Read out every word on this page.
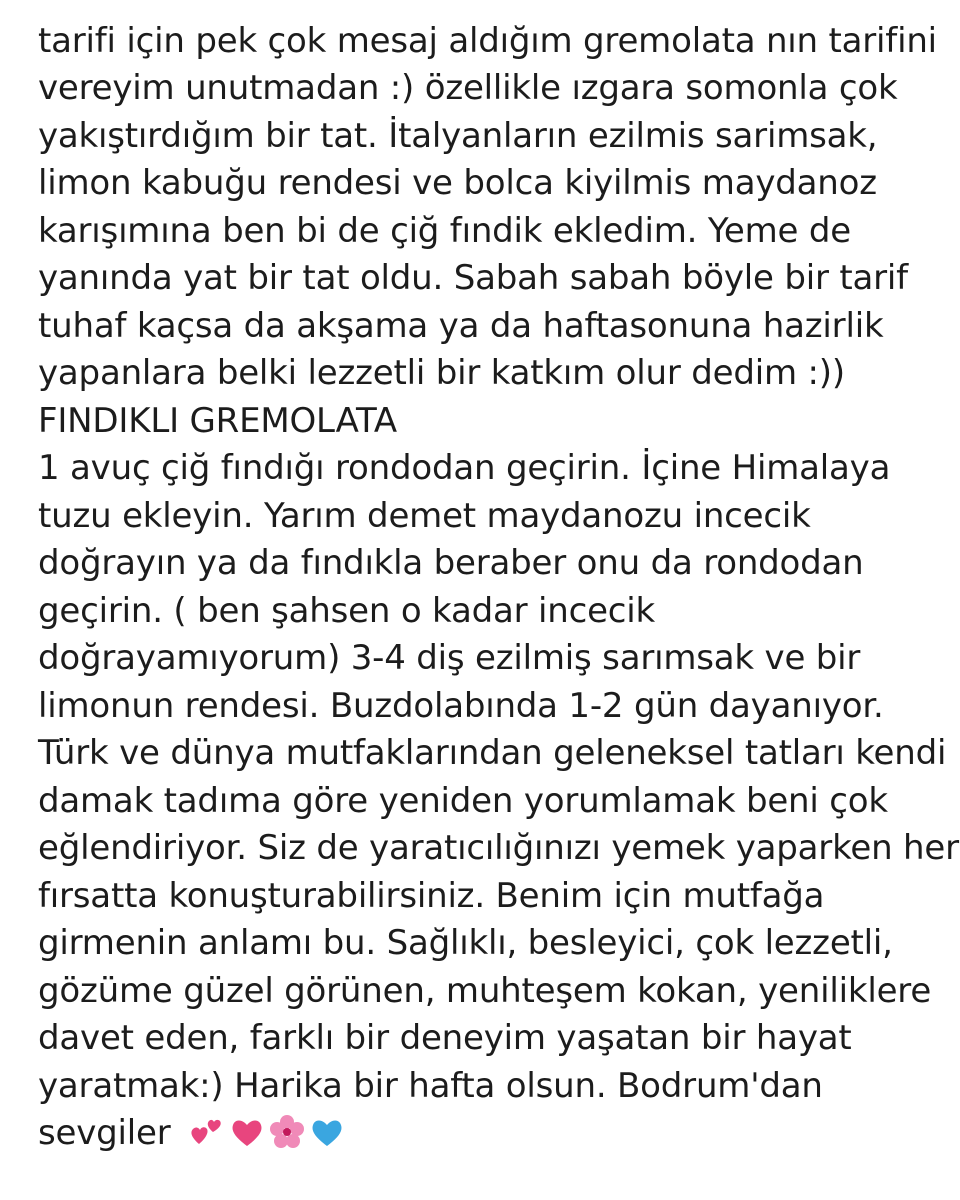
tarifi için pek çok mesaj aldığım gremolata nın tarifini
vereyim unutmadan :) özellikle ızgara somonla çok
yakıştırdığım bir tat. İtalyanların ezilmis sarimsak,
limon kabuğu rendesi ve bolca kiyilmis maydanoz
karışımına ben bi de çiğ fındik ekledim. Yeme de
yanında yat bir tat oldu. Sabah sabah böyle bir tarif
tuhaf kaçsa da akşama ya da haftasonuna hazirlik
yapanlara belki lezzetli bir katkım olur dedim :))
FINDIKLI GREMOLATA
1 avuç çiğ fındığı rondodan geçirin. İçine Himalaya
tuzu ekleyin. Yarım demet maydanozu incecik
doğrayın ya da fındıkla beraber onu da rondodan
geçirin. ( ben şahsen o kadar incecik
doğrayamıyorum) 3-4 diş ezilmiş sarımsak ve bir
limonun rendesi. Buzdolabında 1-2 gün dayanıyor.
Türk ve dünya mutfaklarından geleneksel tatları kendi
damak tadıma göre yeniden yorumlamak beni çok
eğlendiriyor. Siz de yaratıcılığınızı yemek yaparken her
fırsatta konuşturabilirsiniz. Benim için mutfağa
girmenin anlamı bu. Sağlıklı, besleyici, çok lezzetli,
gözüme güzel görünen, muhteşem kokan, yeniliklere
davet eden, farklı bir deneyim yaşatan bir hayat
yaratmak:) Harika bir hafta olsun. Bodrum'dan
sevgiler
